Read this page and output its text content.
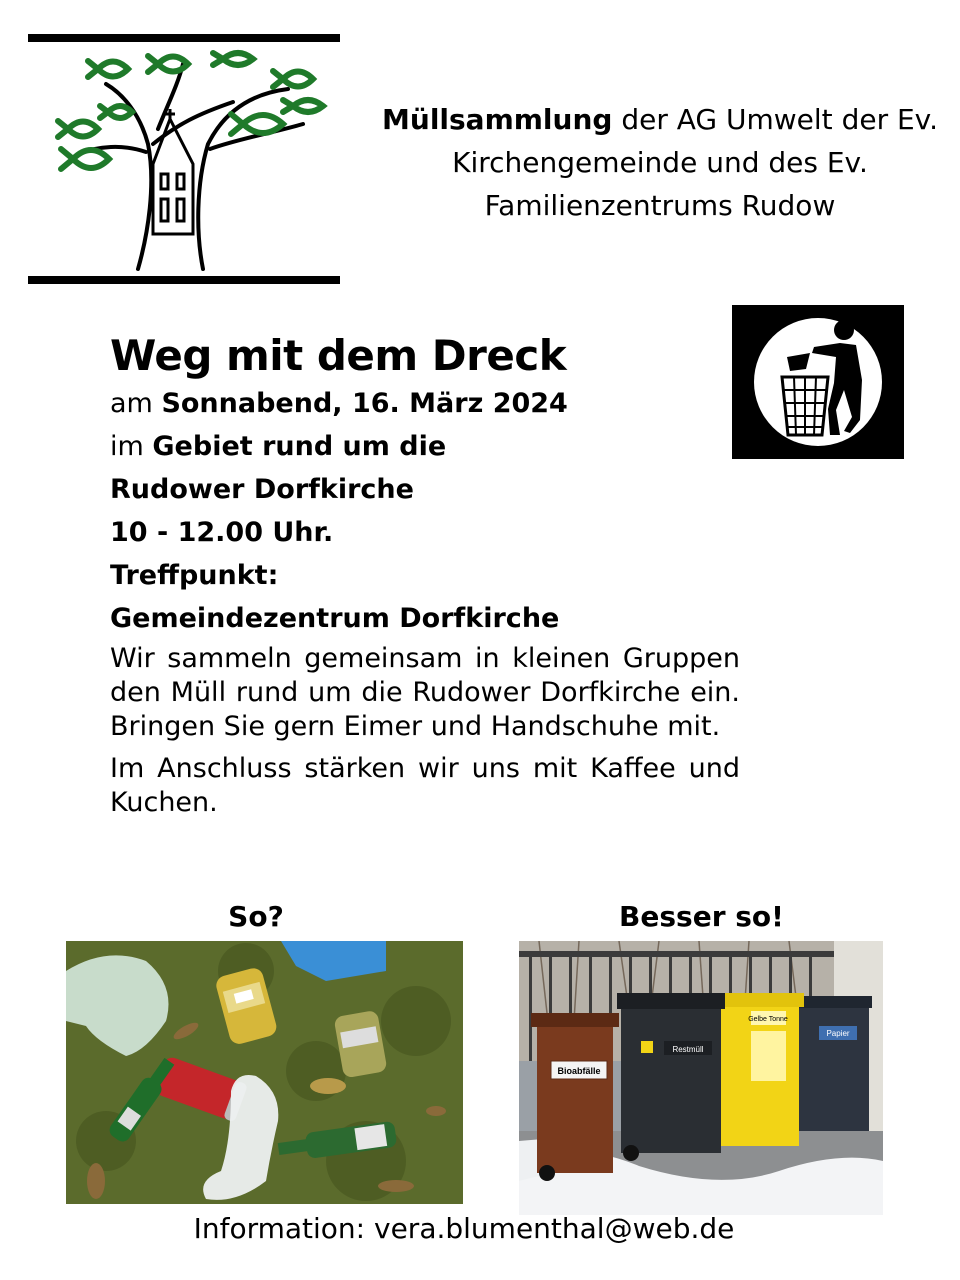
Müllsammlung der AG Umwelt der Ev.
Kirchengemeinde und des Ev.
Familienzentrums Rudow
Weg mit dem Dreck
am Sonnabend, 16. März 2024
im Gebiet rund um die
Rudower Dorfkirche
10 - 12.00 Uhr.
Treffpunkt:
Gemeindezentrum Dorfkirche
Wir sammeln gemeinsam in kleinen Gruppen den Müll rund um die Rudower Dorfkirche ein. Bringen Sie gern Eimer und Handschuhe mit.
Im Anschluss stärken wir uns mit Kaffee und Kuchen.
So?	Besser so!
Papier
Gelbe Tonne
Restmüll
Bioabfälle
Information: vera.blumenthal@web.de
